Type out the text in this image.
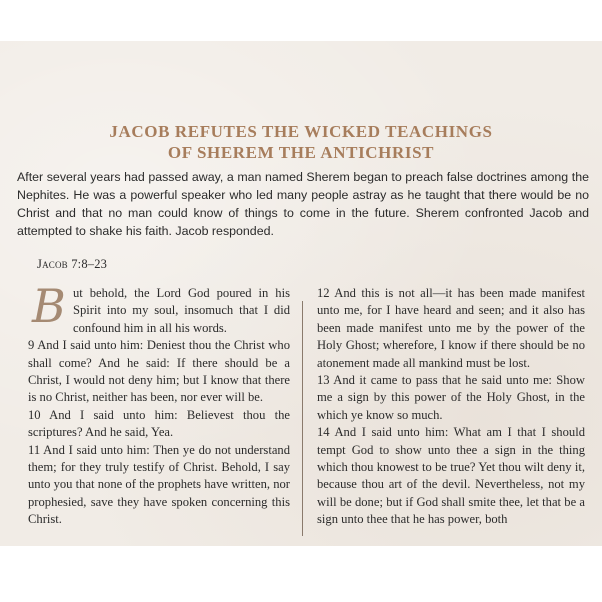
JACOB REFUTES THE WICKED TEACHINGS
OF SHEREM THE ANTICHRIST

After several years had passed away, a man named Sherem began to preach false doctrines among the Nephites. He was a powerful speaker who led many people astray as he taught that there would be no Christ and that no man could know of things to come in the future. Sherem confronted Jacob and attempted to shake his faith. Jacob responded.

Jacob 7:8–23

But behold, the Lord God poured in his Spirit into my soul, insomuch that I did confound him in all his words.

9 And I said unto him: Deniest thou the Christ who shall come? And he said: If there should be a Christ, I would not deny him; but I know that there is no Christ, neither has been, nor ever will be.

10 And I said unto him: Believest thou the scriptures? And he said, Yea.

11 And I said unto him: Then ye do not understand them; for they truly testify of Christ. Behold, I say unto you that none of the prophets have written, nor prophesied, save they have spoken concerning this Christ.

12 And this is not all—it has been made manifest unto me, for I have heard and seen; and it also has been made manifest unto me by the power of the Holy Ghost; wherefore, I know if there should be no atonement made all mankind must be lost.

13 And it came to pass that he said unto me: Show me a sign by this power of the Holy Ghost, in the which ye know so much.

14 And I said unto him: What am I that I should tempt God to show unto thee a sign in the thing which thou knowest to be true? Yet thou wilt deny it, because thou art of the devil. Nevertheless, not my will be done; but if God shall smite thee, let that be a sign unto thee that he has power, both
